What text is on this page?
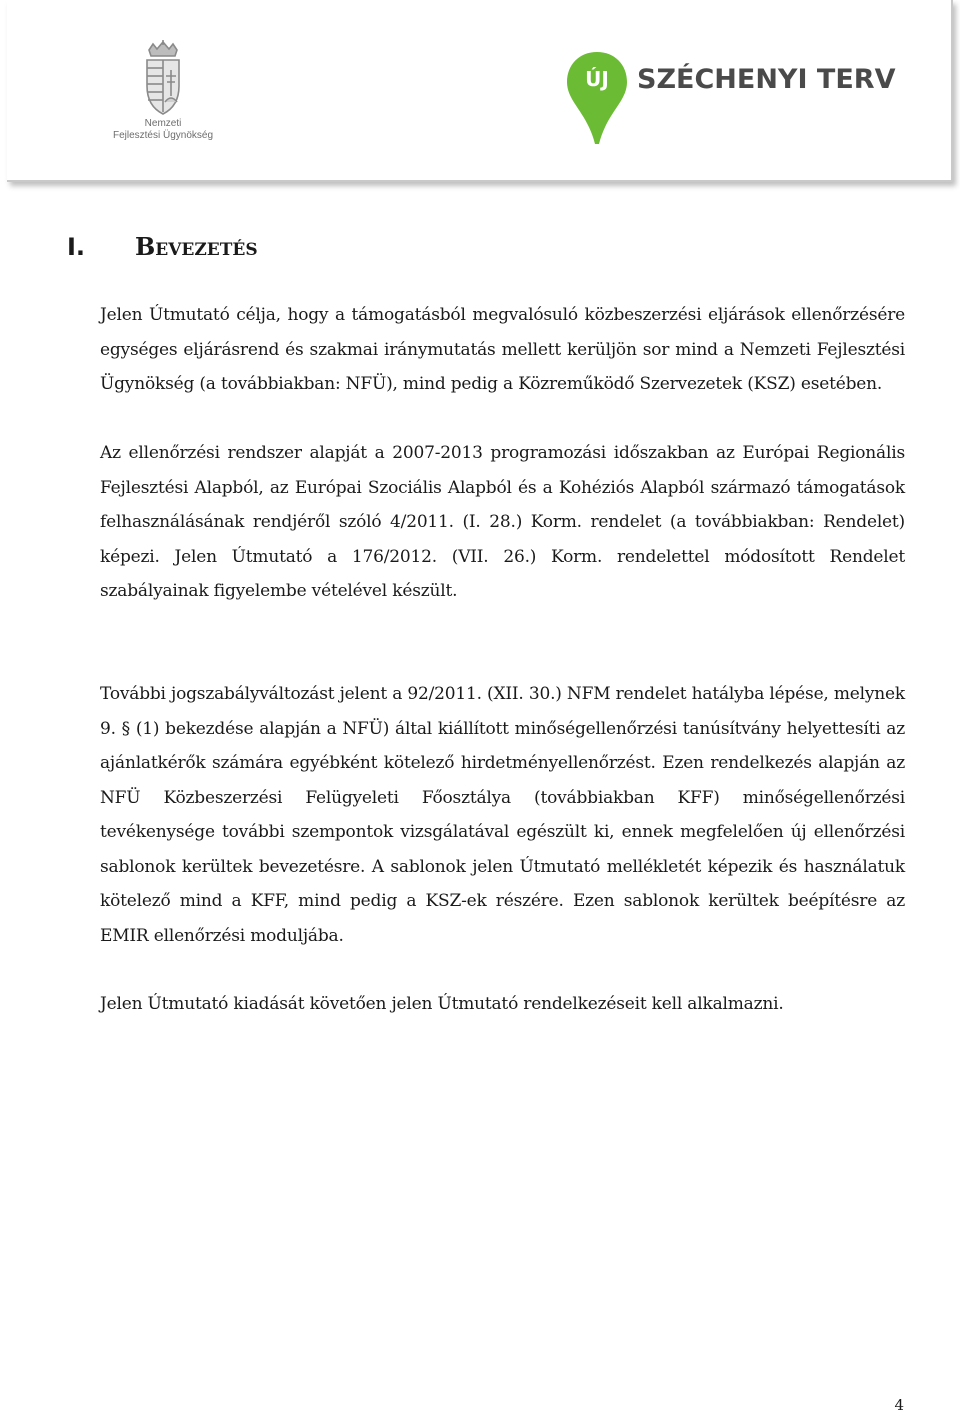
Nemzeti
Fejlesztési Ügynökség
ÚJ	SZÉCHENYI TERV
I. Bevezetés

Jelen Útmutató célja, hogy a támogatásból megvalósuló közbeszerzési eljárások ellenőrzésére egységes eljárásrend és szakmai iránymutatás mellett kerüljön sor mind a Nemzeti Fejlesztési Ügynökség (a továbbiakban: NFÜ), mind pedig a Közreműködő Szervezetek (KSZ) esetében.

Az ellenőrzési rendszer alapját a 2007-2013 programozási időszakban az Európai Regionális Fejlesztési Alapból, az Európai Szociális Alapból és a Kohéziós Alapból származó támogatások felhasználásának rendjéről szóló 4/2011. (I. 28.) Korm. rendelet (a továbbiakban: Rendelet) képezi. Jelen Útmutató a 176/2012. (VII. 26.) Korm. rendelettel módosított Rendelet szabályainak figyelembe vételével készült.

További jogszabályváltozást jelent a 92/2011. (XII. 30.) NFM rendelet hatályba lépése, melynek 9. § (1) bekezdése alapján a NFÜ) által kiállított minőségellenőrzési tanúsítvány helyettesíti az ajánlatkérők számára egyébként kötelező hirdetményellenőrzést. Ezen rendelkezés alapján az NFÜ Közbeszerzési Felügyeleti Főosztálya (továbbiakban KFF) minőségellenőrzési tevékenysége további szempontok vizsgálatával egészült ki, ennek megfelelően új ellenőrzési sablonok kerültek bevezetésre. A sablonok jelen Útmutató mellékletét képezik és használatuk kötelező mind a KFF, mind pedig a KSZ-ek részére. Ezen sablonok kerültek beépítésre az EMIR ellenőrzési moduljába.

Jelen Útmutató kiadását követően jelen Útmutató rendelkezéseit kell alkalmazni.

4
